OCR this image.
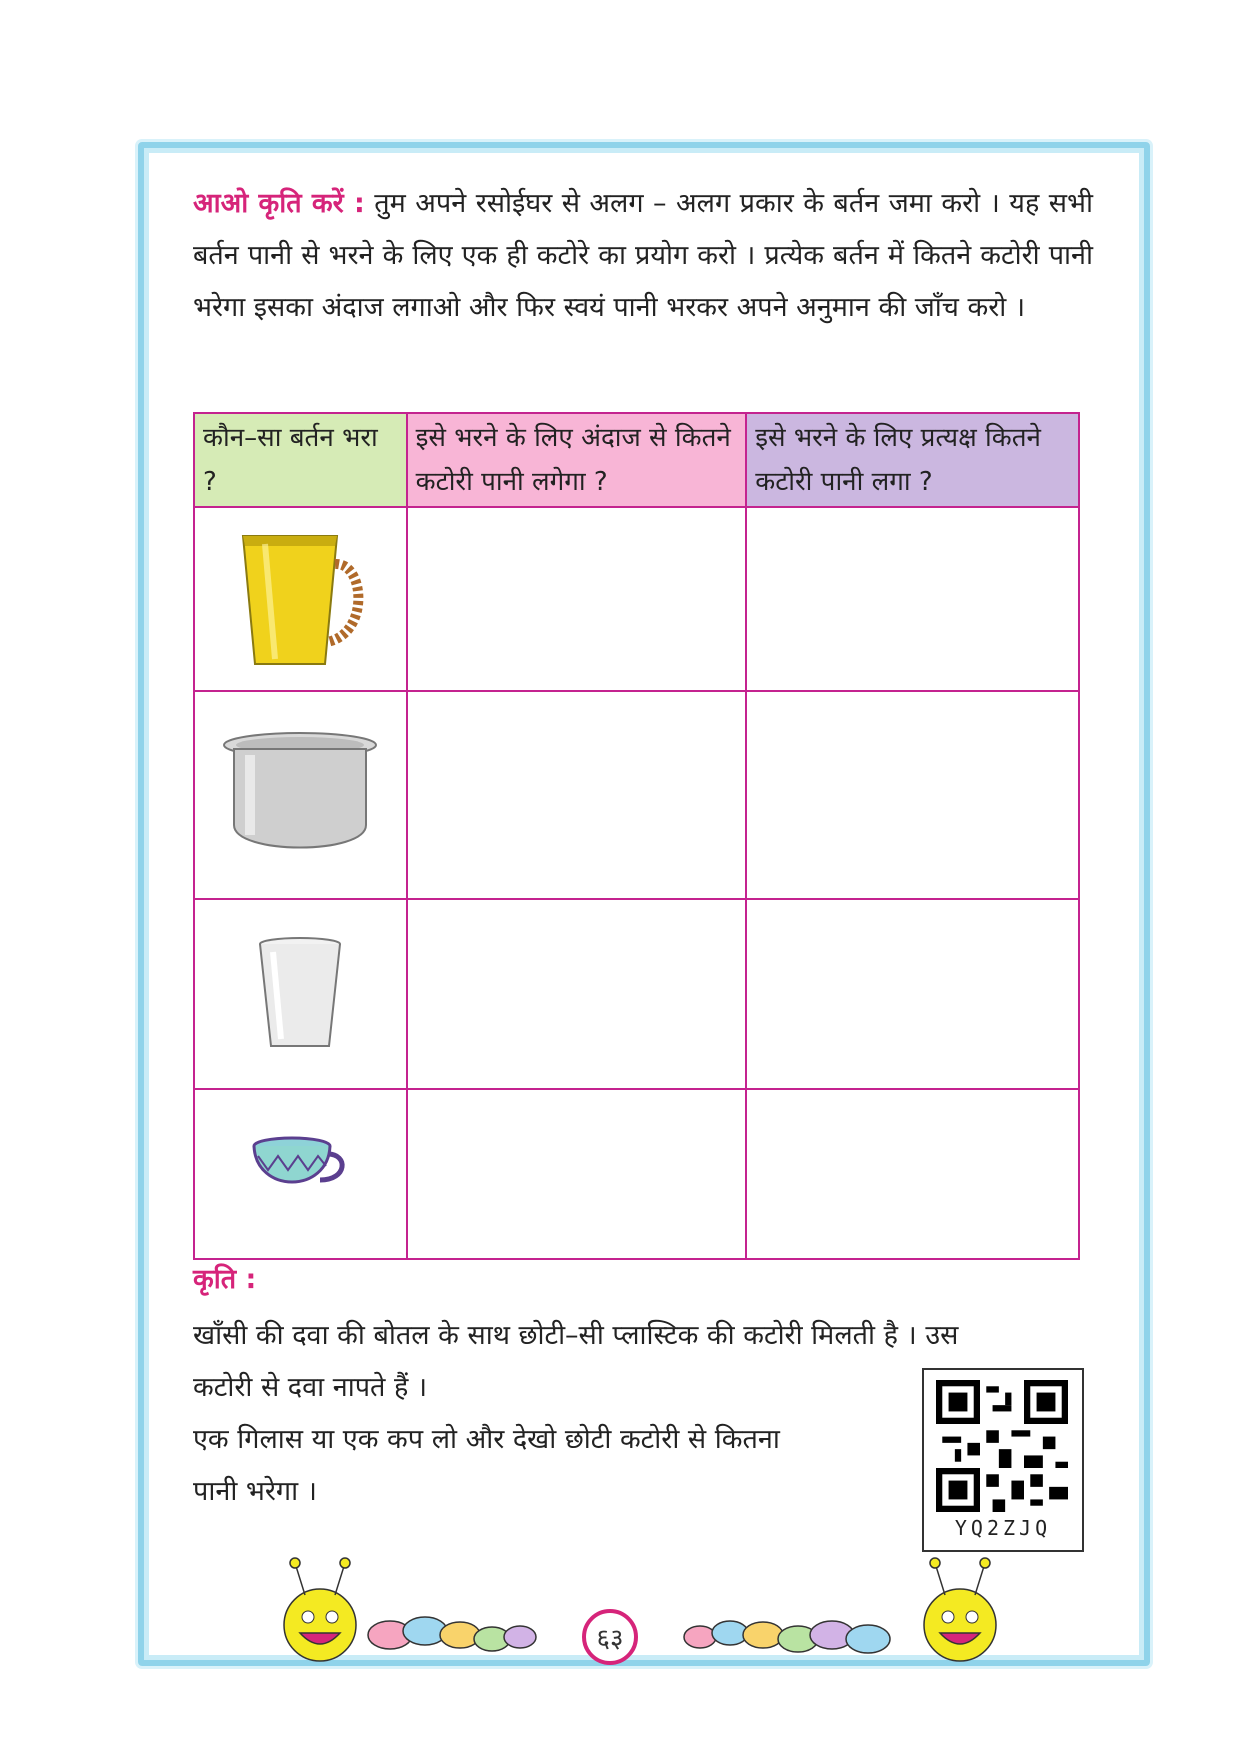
आओ कृति करें : तुम अपने रसोईघर से अलग – अलग प्रकार के बर्तन जमा करो । यह सभी बर्तन पानी से भरने के लिए एक ही कटोरे का प्रयोग करो । प्रत्येक बर्तन में कितने कटोरी पानी भरेगा इसका अंदाज लगाओ और फिर स्वयं पानी भरकर अपने अनुमान की जाँच करो ।
कौन–सा बर्तन भरा ?	इसे भरने के लिए अंदाज से कितने कटोरी पानी लगेगा ?	इसे भरने के लिए प्रत्यक्ष कितने कटोरी पानी लगा ?

कृति :
खाँसी की दवा की बोतल के साथ छोटी–सी प्लास्टिक की कटोरी मिलती है । उस
कटोरी से दवा नापते हैं ।
एक गिलास या एक कप लो और देखो छोटी कटोरी से कितना
पानी भरेगा ।
YQ2ZJQ
६३
